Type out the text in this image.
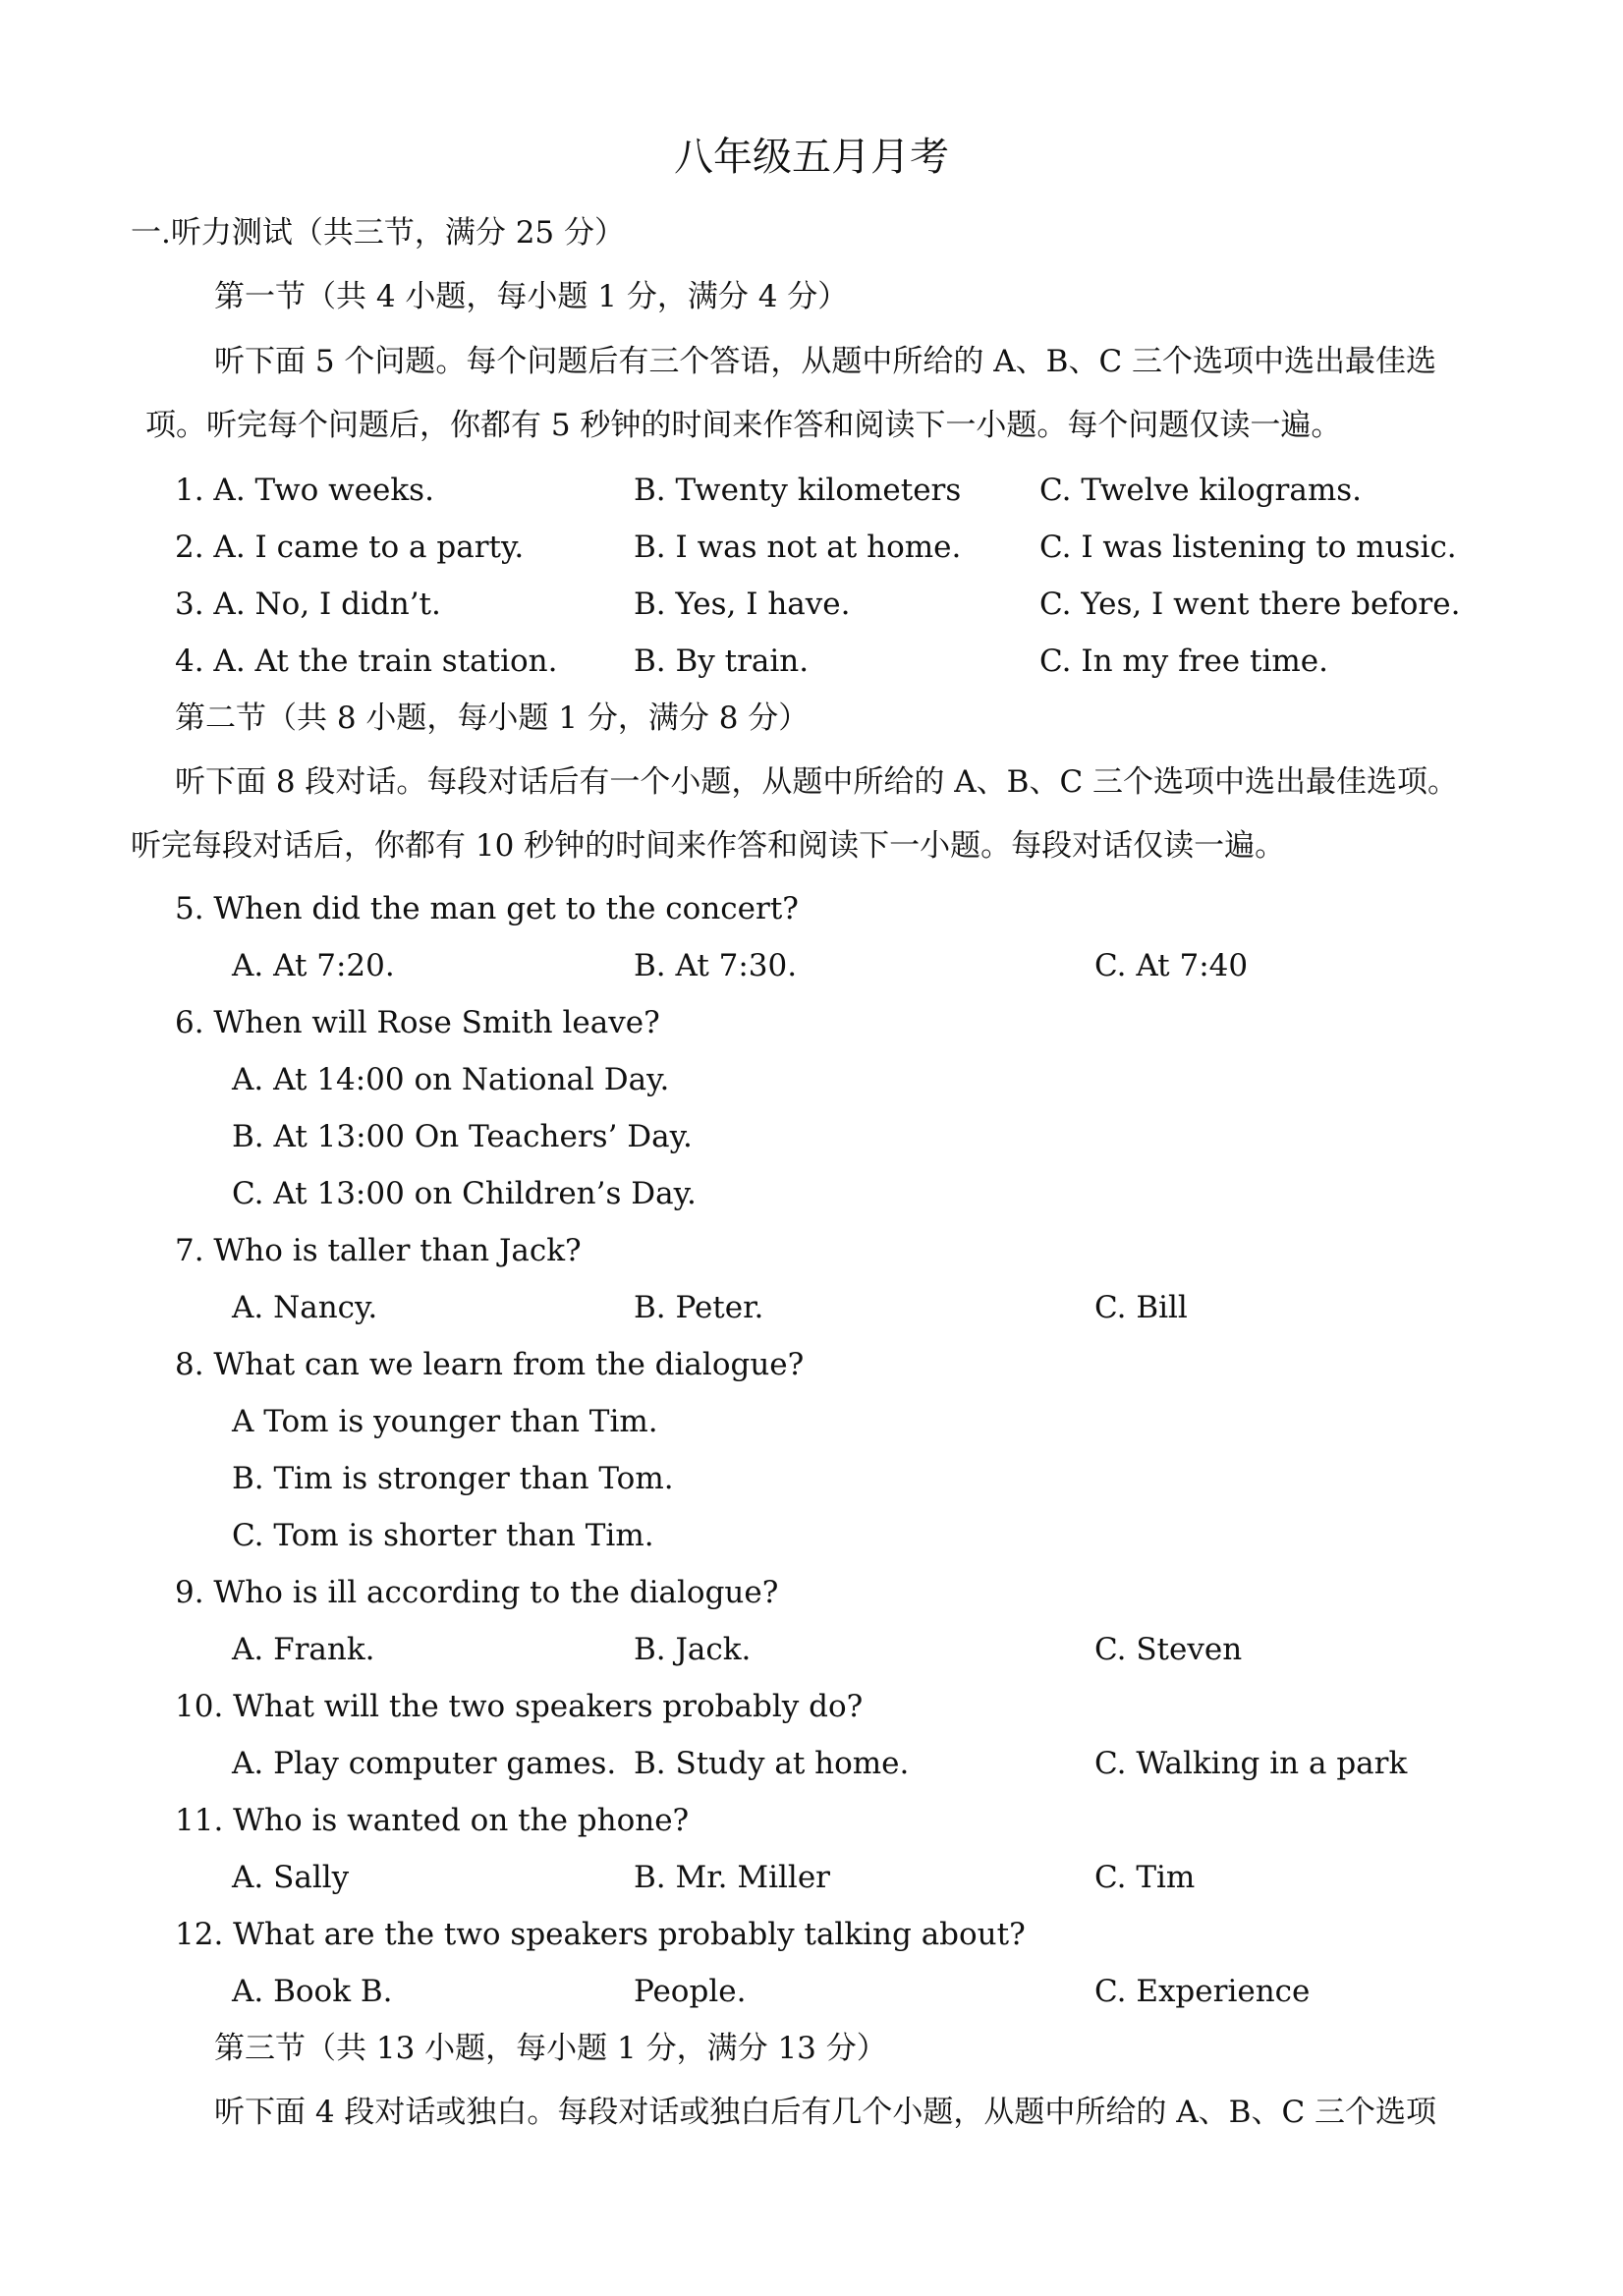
八年级五月月考
一.听力测试（共三节，满分 25 分）
第一节（共 4 小题，每小题 1 分，满分 4 分）
听下面 5 个问题。每个问题后有三个答语，从题中所给的 A、B、C 三个选项中选出最佳选
项。听完每个问题后，你都有 5 秒钟的时间来作答和阅读下一小题。每个问题仅读一遍。
1. A. Two weeks.	B. Twenty kilometers	C. Twelve kilograms.
2. A. I came to a party.	B. I was not at home.	C. I was listening to music.
3. A. No, I didn’t.	B. Yes, I have.	C. Yes, I went there before.
4. A. At the train station.	B. By train.	C. In my free time.
第二节（共 8 小题，每小题 1 分，满分 8 分）
听下面 8 段对话。每段对话后有一个小题，从题中所给的 A、B、C 三个选项中选出最佳选项。
听完每段对话后，你都有 10 秒钟的时间来作答和阅读下一小题。每段对话仅读一遍。
5. When did the man get to the concert?
A. At 7:20.	B. At 7:30.	C. At 7:40
6. When will Rose Smith leave?
A. At 14:00 on National Day.
B. At 13:00 On Teachers’ Day.
C. At 13:00 on Children’s Day.
7. Who is taller than Jack?
A. Nancy.	B. Peter.	C. Bill
8. What can we learn from the dialogue?
A Tom is younger than Tim.
B. Tim is stronger than Tom.
C. Tom is shorter than Tim.
9. Who is ill according to the dialogue?
A. Frank.	B. Jack.	C. Steven
10. What will the two speakers probably do?
A. Play computer games. B. Study at home.	C. Walking in a park
11. Who is wanted on the phone?
A. Sally	B. Mr. Miller	C. Tim
12. What are the two speakers probably talking about?
A. Book B.	People.	C. Experience
第三节（共 13 小题，每小题 1 分，满分 13 分）
听下面 4 段对话或独白。每段对话或独白后有几个小题，从题中所给的 A、B、C 三个选项
